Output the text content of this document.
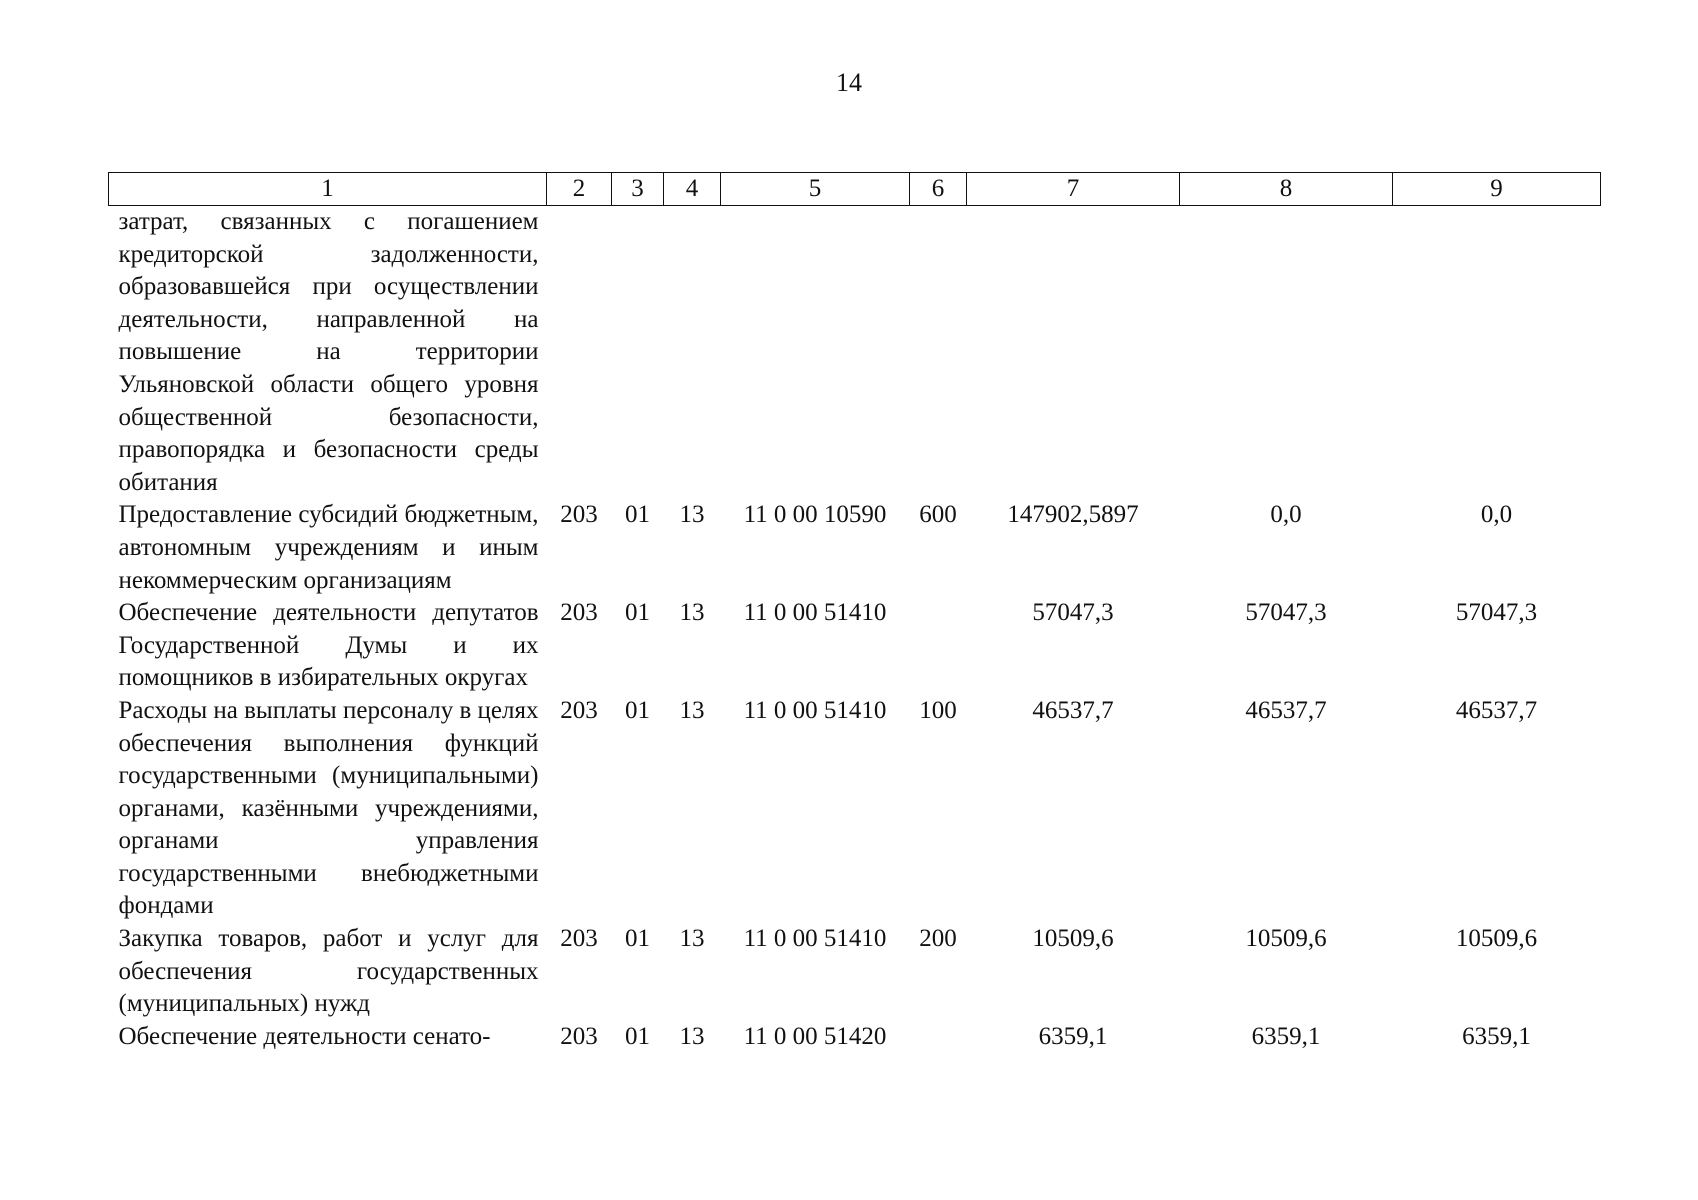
14
1	2	3	4	5	6	7	8	9
затрат, связанных с погашением кредиторской задолженности, образовавшейся при осуществлении деятельности, направленной на повышение на территории Ульяновской области общего уровня общественной безопасности, правопорядка и безопасности среды обитания								
Предоставление субсидий бюджетным, автономным учреждениям и иным некоммерческим организациям	203	01	13	11 0 00 10590	600	147902,5897	0,0	0,0
Обеспечение деятельности депутатов Государственной Думы и их помощников в избирательных округах	203	01	13	11 0 00 51410		57047,3	57047,3	57047,3
Расходы на выплаты персоналу в целях обеспечения выполнения функций государственными (муниципальными) органами, казёнными учреждениями, органами управления государственными внебюджетными фондами	203	01	13	11 0 00 51410	100	46537,7	46537,7	46537,7
Закупка товаров, работ и услуг для обеспечения государственных (муниципальных) нужд	203	01	13	11 0 00 51410	200	10509,6	10509,6	10509,6
Обеспечение деятельности сенато-	203	01	13	11 0 00 51420		6359,1	6359,1	6359,1
